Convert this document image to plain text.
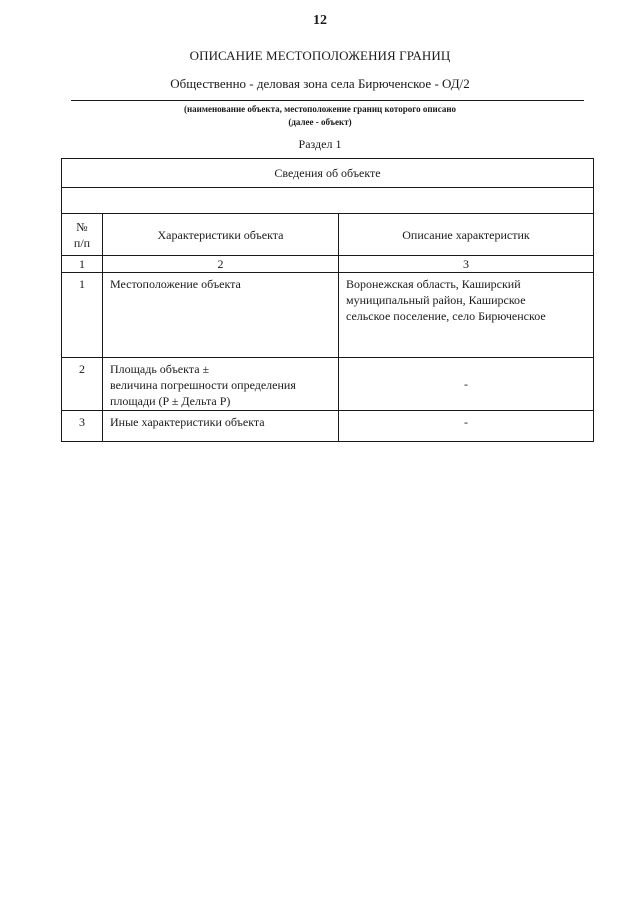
12
ОПИСАНИЕ МЕСТОПОЛОЖЕНИЯ ГРАНИЦ
Общественно - деловая зона села Бирюченское - ОД/2
(наименование объекта, местоположение границ которого описано
(далее - объект)
Раздел 1
Сведения об объекте		

№
п/п	Характеристики объекта	Описание характеристик
1	2	3
1	Местоположение объекта	Воронежская область, Каширский
муниципальный район, Каширское
сельское поселение, село Бирюченское

2	Площадь объекта ±
величина погрешности определения
площади (P ± Дельта P)	-
3	Иные характеристики объекта	-
